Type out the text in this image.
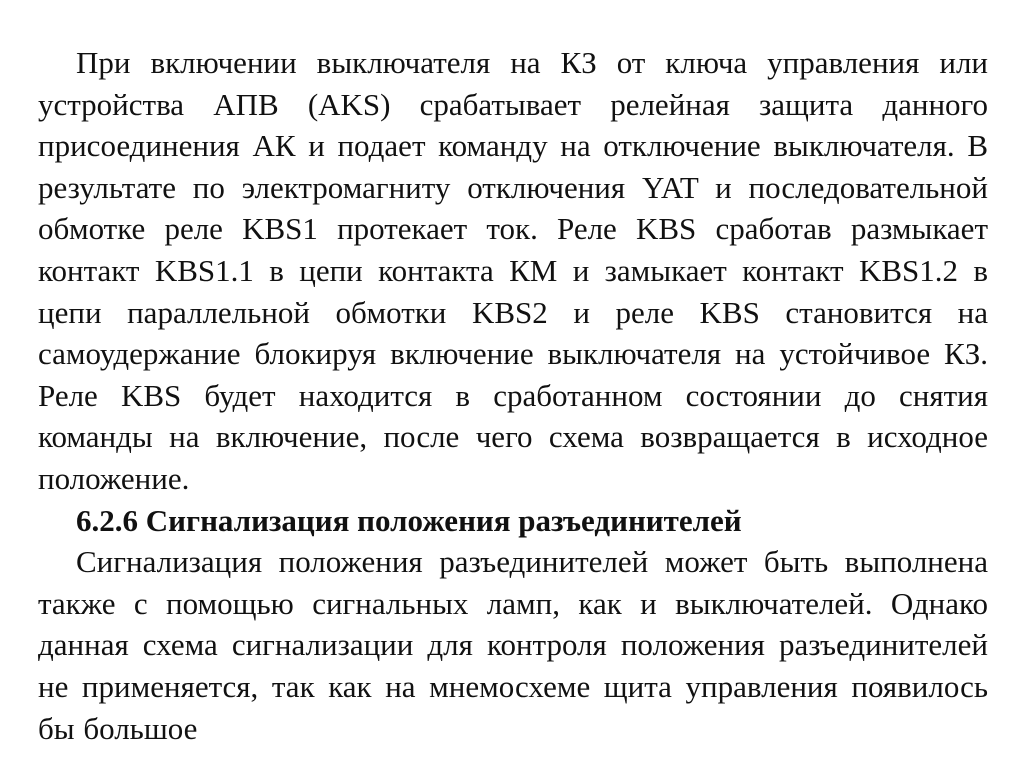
При включении выключателя на КЗ от ключа управления или устройства АПВ (AKS) срабатывает релейная защита данного присоединения АК и подает команду на отключение выключателя. В результате по электромагниту отключения YAT и последовательной обмотке реле KBS1 протекает ток. Реле KBS сработав размыкает контакт KBS1.1 в цепи контакта КМ и замыкает контакт KBS1.2 в цепи параллельной обмотки KBS2 и реле KBS становится на самоудержание блокируя включение выключателя на устойчивое КЗ. Реле KBS будет находится в сработанном состоянии до снятия команды на включение, после чего схема возвращается в исходное положение.

6.2.6 Сигнализация положения разъединителей

Сигнализация положения разъединителей может быть выполнена также с помощью сигнальных ламп, как и выключателей. Однако данная схема сигнализации для контроля положения разъединителей не применяется, так как на мнемосхеме щита управления появилось бы большое
